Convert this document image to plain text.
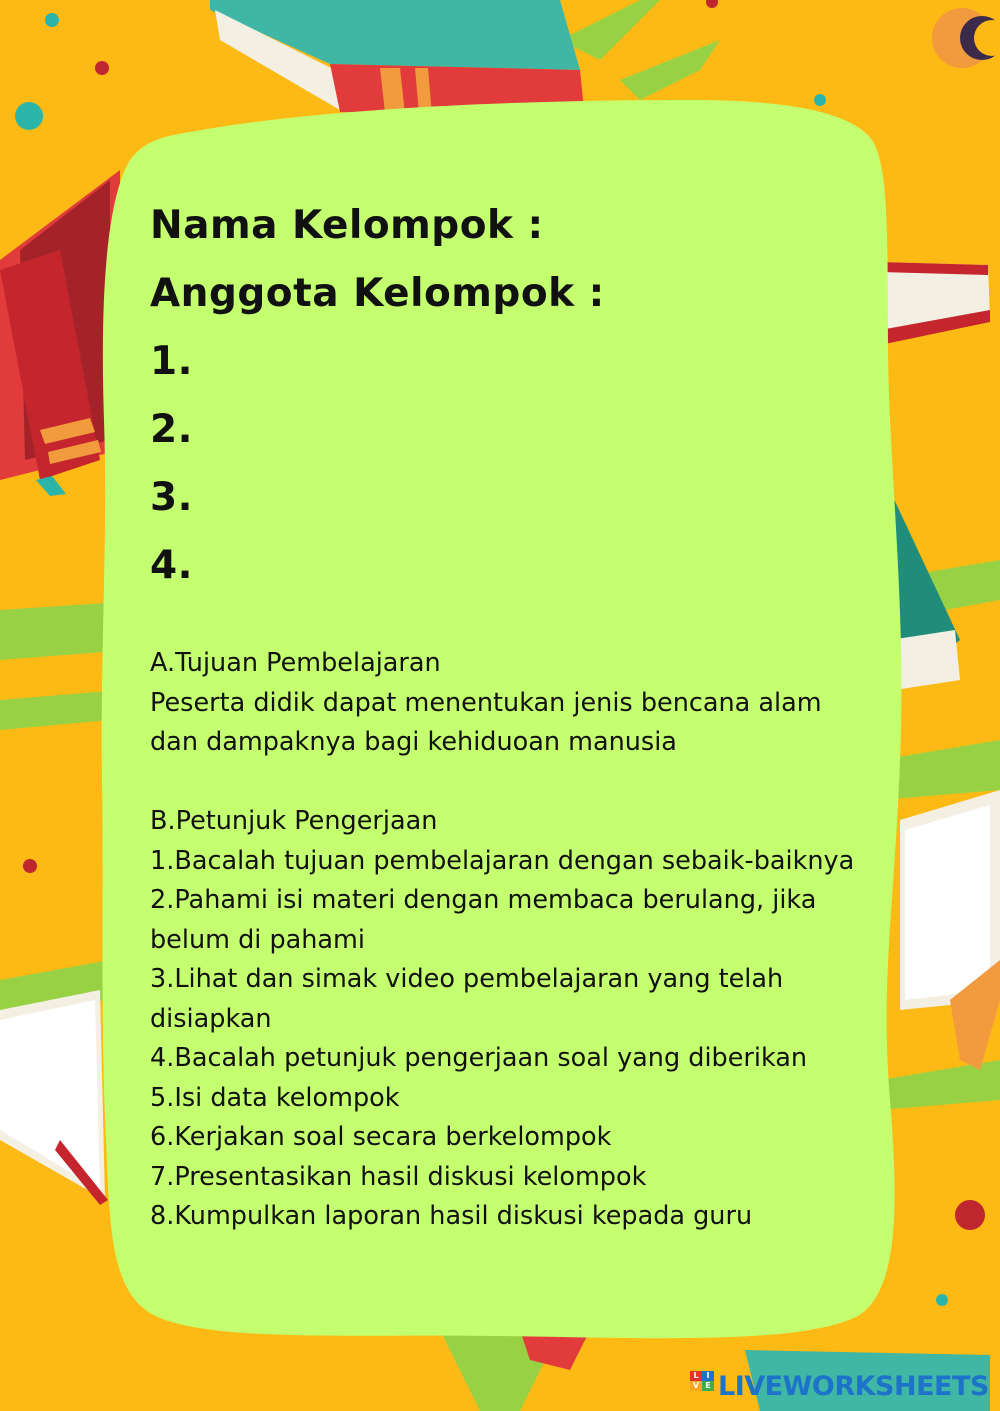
Nama Kelompok :
Anggota Kelompok :
1.
2.
3.
4.
A.Tujuan Pembelajaran
Peserta didik dapat menentukan jenis bencana alam
dan dampaknya bagi kehiduoan manusia
B.Petunjuk Pengerjaan
1.Bacalah tujuan pembelajaran dengan sebaik-baiknya
2.Pahami isi materi dengan membaca berulang, jika
belum di pahami
3.Lihat dan simak video pembelajaran yang telah
disiapkan
4.Bacalah petunjuk pengerjaan soal yang diberikan
5.Isi data kelompok
6.Kerjakan soal secara berkelompok
7.Presentasikan hasil diskusi kelompok
8.Kumpulkan laporan hasil diskusi kepada guru
L I
V E LIVEWORKSHEETS
